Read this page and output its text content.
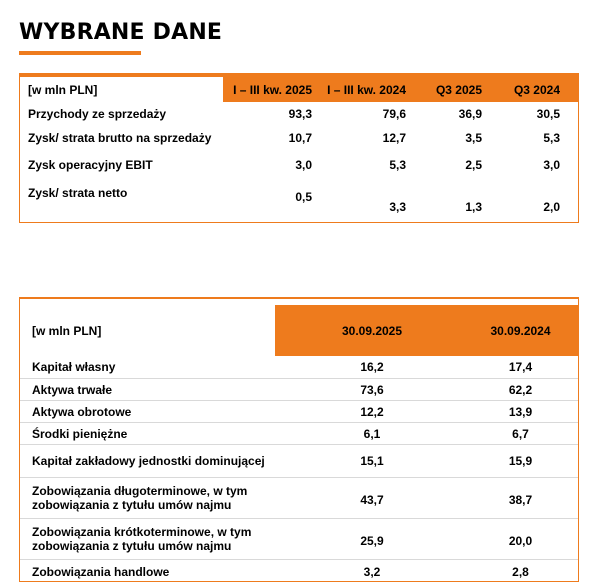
WYBRANE DANE
[w mln PLN]	I – III kw. 2025	I – III kw. 2024	Q3 2025	Q3 2024
Przychody ze sprzedaży	93,3	79,6	36,9	30,5
Zysk/ strata brutto na sprzedaży	10,7	12,7	3,5	5,3
Zysk operacyjny EBIT	3,0	5,3	2,5	3,0
Zysk/ strata netto	0,5	3,3	1,3	2,0
[w mln PLN]	30.09.2025	30.09.2024
Kapitał własny	16,2	17,4
Aktywa trwałe	73,6	62,2
Aktywa obrotowe	12,2	13,9
Środki pieniężne	6,1	6,7
Kapitał zakładowy jednostki dominującej	15,1	15,9
Zobowiązania długoterminowe, w tym
zobowiązania z tytułu umów najmu	43,7	38,7
Zobowiązania krótkoterminowe, w tym
zobowiązania z tytułu umów najmu	25,9	20,0
Zobowiązania handlowe	3,2	2,8
